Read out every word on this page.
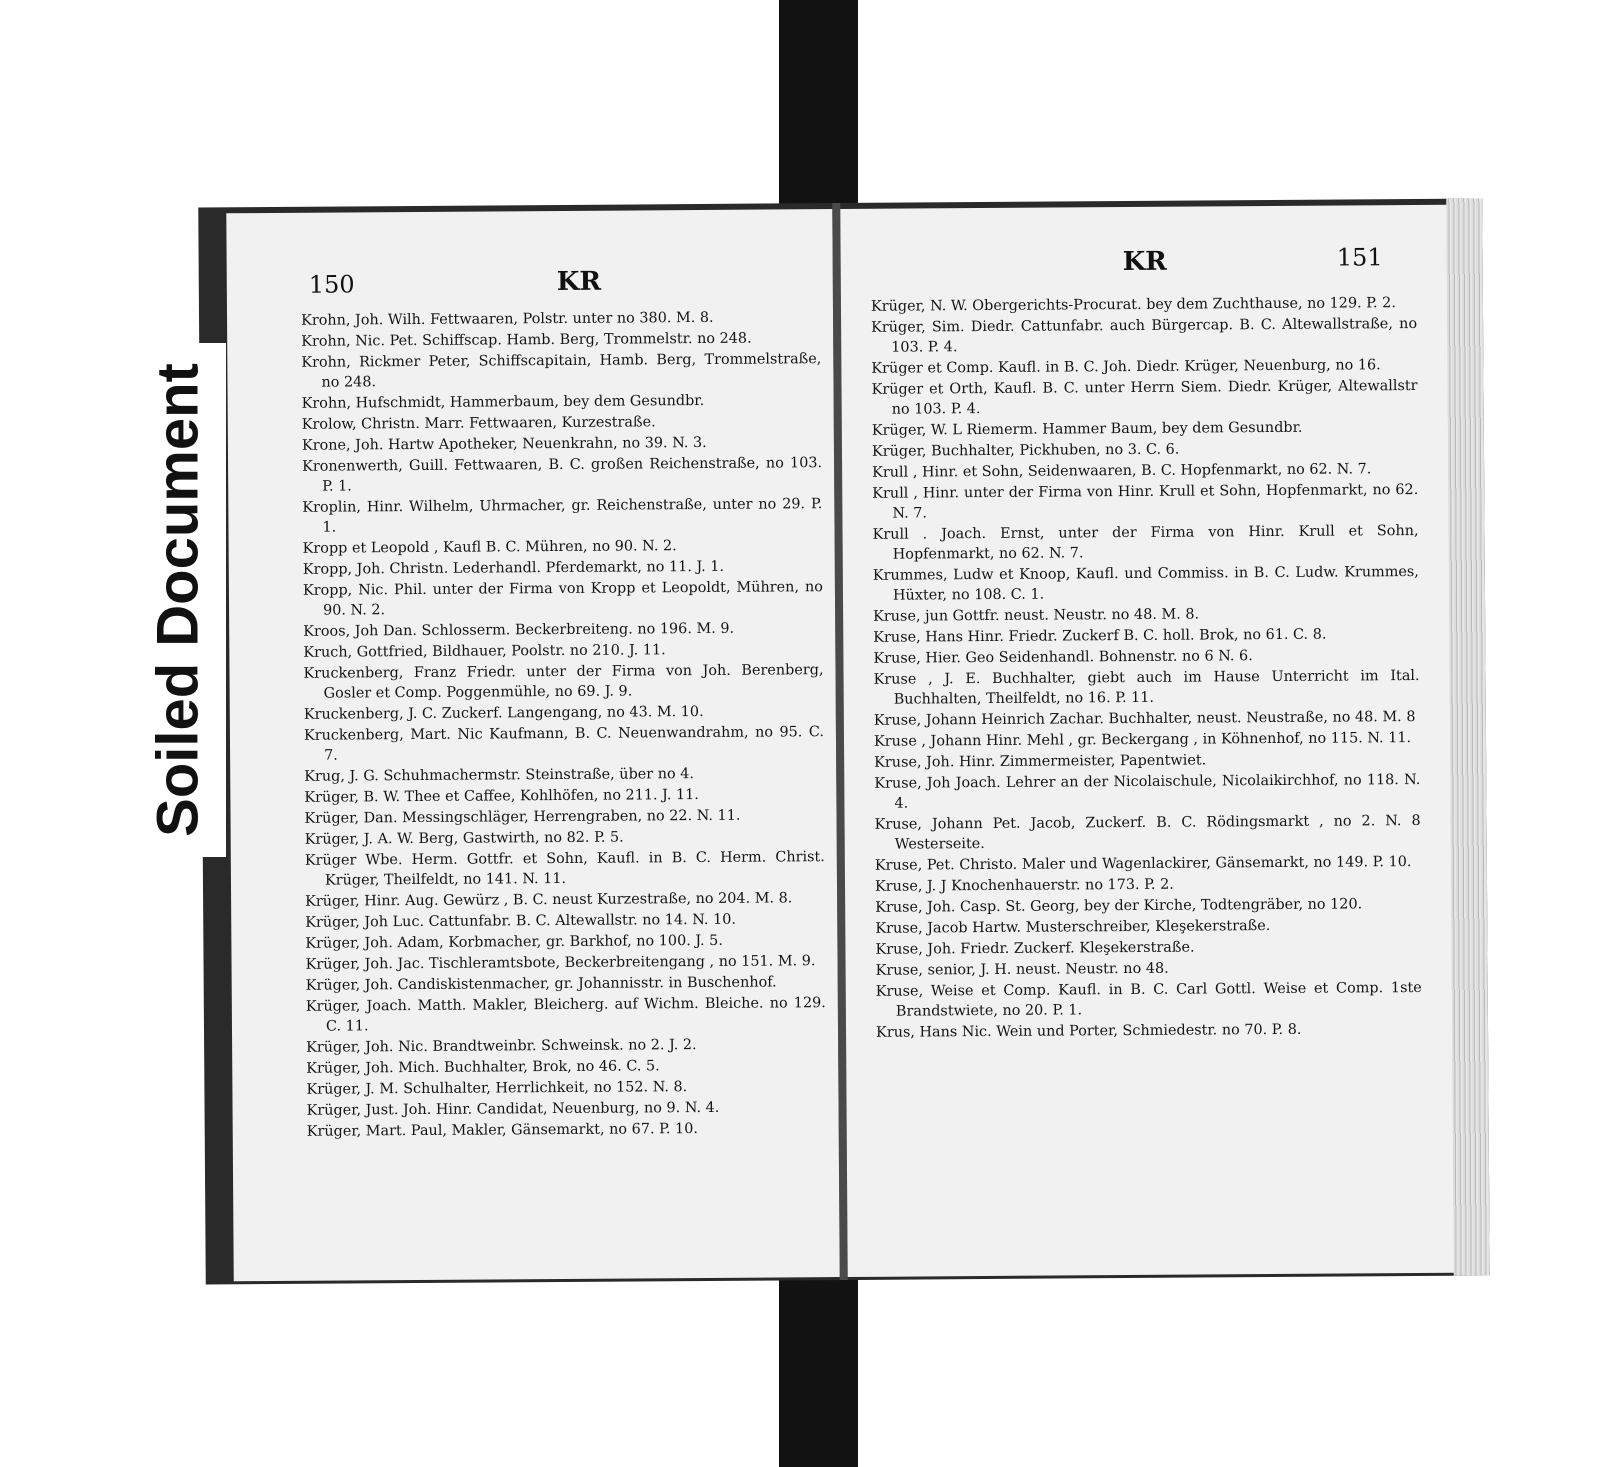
150	KR
Krohn, Joh. Wilh. Fettwaaren, Polstr. unter no 380. M. 8.
Krohn, Nic. Pet. Schiffscap. Hamb. Berg, Trommelstr. no 248.
Krohn, Rickmer Peter, Schiffscapitain, Hamb. Berg, Trommelstraße, no 248.
Krohn, Hufschmidt, Hammerbaum, bey dem Gesundbr.
Krolow, Christn. Marr. Fettwaaren, Kurzestraße.
Krone, Joh. Hartw Apotheker, Neuenkrahn, no 39. N. 3.
Kronenwerth, Guill. Fettwaaren, B. C. großen Reichenstraße, no 103. P. 1.
Kroplin, Hinr. Wilhelm, Uhrmacher, gr. Reichenstraße, unter no 29. P. 1.
Kropp et Leopold , Kaufl B. C. Mühren, no 90. N. 2.
Kropp, Joh. Christn. Lederhandl. Pferdemarkt, no 11. J. 1.
Kropp, Nic. Phil. unter der Firma von Kropp et Leopoldt, Mühren, no 90. N. 2.
Kroos, Joh Dan. Schlosserm. Beckerbreiteng. no 196. M. 9.
Kruch, Gottfried, Bildhauer, Poolstr. no 210. J. 11.
Kruckenberg, Franz Friedr. unter der Firma von Joh. Berenberg, Gosler et Comp. Poggenmühle, no 69. J. 9.
Kruckenberg, J. C. Zuckerf. Langengang, no 43. M. 10.
Kruckenberg, Mart. Nic Kaufmann, B. C. Neuenwandrahm, no 95. C. 7.
Krug, J. G. Schuhmachermstr. Steinstraße, über no 4.
Krüger, B. W. Thee et Caffee, Kohlhöfen, no 211. J. 11.
Krüger, Dan. Messingschläger, Herrengraben, no 22. N. 11.
Krüger, J. A. W. Berg, Gastwirth, no 82. P. 5.
Krüger Wbe. Herm. Gottfr. et Sohn, Kaufl. in B. C. Herm. Christ. Krüger, Theilfeldt, no 141. N. 11.
Krüger, Hinr. Aug. Gewürz , B. C. neust Kurzestraße, no 204. M. 8.
Krüger, Joh Luc. Cattunfabr. B. C. Altewallstr. no 14. N. 10.
Krüger, Joh. Adam, Korbmacher, gr. Barkhof, no 100. J. 5.
Krüger, Joh. Jac. Tischleramtsbote, Beckerbreitengang , no 151. M. 9.
Krüger, Joh. Candiskistenmacher, gr. Johannisstr. in Buschenhof.
Krüger, Joach. Matth. Makler, Bleicherg. auf Wichm. Bleiche. no 129. C. 11.
Krüger, Joh. Nic. Brandtweinbr. Schweinsk. no 2. J. 2.
Krüger, Joh. Mich. Buchhalter, Brok, no 46. C. 5.
Krüger, J. M. Schulhalter, Herrlichkeit, no 152. N. 8.
Krüger, Just. Joh. Hinr. Candidat, Neuenburg, no 9. N. 4.
Krüger, Mart. Paul, Makler, Gänsemarkt, no 67. P. 10.
151
KR
Krüger, N. W. Obergerichts-Procurat. bey dem Zuchthause, no 129. P. 2.
Krüger, Sim. Diedr. Cattunfabr. auch Bürgercap. B. C. Altewallstraße, no 103. P. 4.
Krüger et Comp. Kaufl. in B. C. Joh. Diedr. Krüger, Neuenburg, no 16.
Krüger et Orth, Kaufl. B. C. unter Herrn Siem. Diedr. Krüger, Altewallstr no 103. P. 4.
Krüger, W. L Riemerm. Hammer Baum, bey dem Gesundbr.
Krüger, Buchhalter, Pickhuben, no 3. C. 6.
Krull , Hinr. et Sohn, Seidenwaaren, B. C. Hopfenmarkt, no 62. N. 7.
Krull , Hinr. unter der Firma von Hinr. Krull et Sohn, Hopfenmarkt, no 62. N. 7.
Krull . Joach. Ernst, unter der Firma von Hinr. Krull et Sohn, Hopfenmarkt, no 62. N. 7.
Krummes, Ludw et Knoop, Kaufl. und Commiss. in B. C. Ludw. Krummes, Hüxter, no 108. C. 1.
Kruse, jun Gottfr. neust. Neustr. no 48. M. 8.
Kruse, Hans Hinr. Friedr. Zuckerf B. C. holl. Brok, no 61. C. 8.
Kruse, Hier. Geo Seidenhandl. Bohnenstr. no 6 N. 6.
Kruse , J. E. Buchhalter, giebt auch im Hause Unterricht im Ital. Buchhalten, Theilfeldt, no 16. P. 11.
Kruse, Johann Heinrich Zachar. Buchhalter, neust. Neustraße, no 48. M. 8
Kruse , Johann Hinr. Mehl , gr. Beckergang , in Köhnenhof, no 115. N. 11.
Kruse, Joh. Hinr. Zimmermeister, Papentwiet.
Kruse, Joh Joach. Lehrer an der Nicolaischule, Nicolaikirchhof, no 118. N. 4.
Kruse, Johann Pet. Jacob, Zuckerf. B. C. Rödingsmarkt , no 2. N. 8 Westerseite.
Kruse, Pet. Christo. Maler und Wagenlackirer, Gänsemarkt, no 149. P. 10.
Kruse, J. J Knochenhauerstr. no 173. P. 2.
Kruse, Joh. Casp. St. Georg, bey der Kirche, Todtengräber, no 120.
Kruse, Jacob Hartw. Musterschreiber, Kleşekerstraße.
Kruse, Joh. Friedr. Zuckerf. Kleşekerstraße.
Kruse, senior, J. H. neust. Neustr. no 48.
Kruse, Weise et Comp. Kaufl. in B. C. Carl Gottl. Weise et Comp. 1ste Brandstwiete, no 20. P. 1.
Krus, Hans Nic. Wein und Porter, Schmiedestr. no 70. P. 8.
Soiled Document
